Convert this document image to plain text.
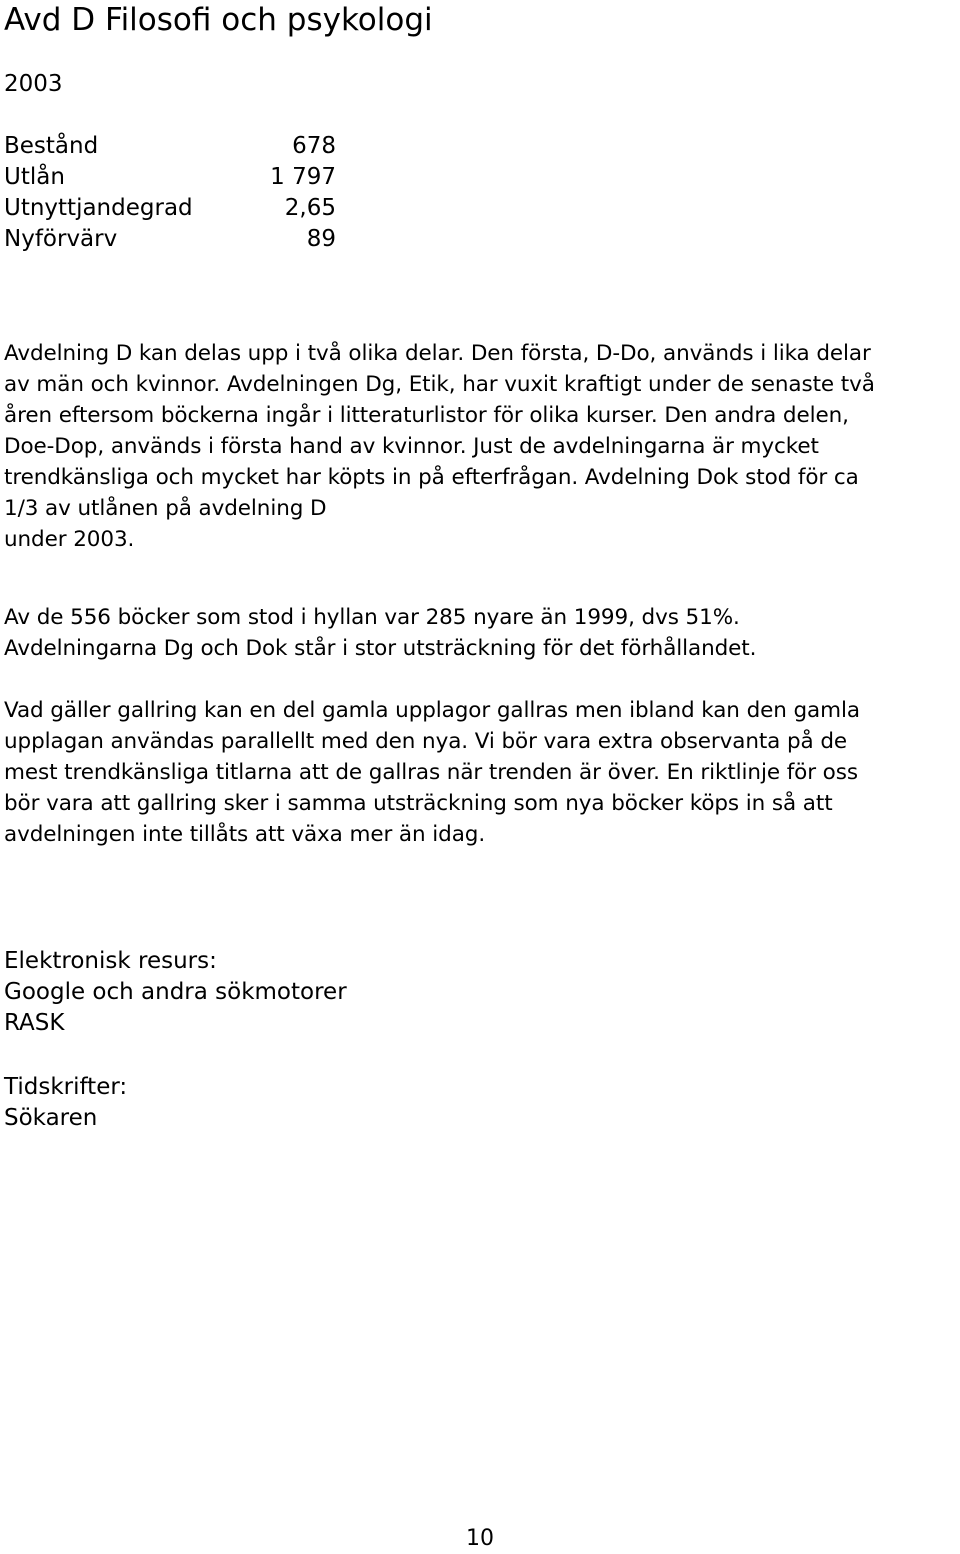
Avd D Filosofi och psykologi
2003
Bestånd	678
Utlån	1 797
Utnyttjandegrad	2,65
Nyförvärv	89

Avdelning D kan delas upp i två olika delar. Den första, D-Do, används i lika delar
av män och kvinnor. Avdelningen Dg, Etik, har vuxit kraftigt under de senaste två
åren eftersom böckerna ingår i litteraturlistor för olika kurser. Den andra delen,
Doe-Dop, används i första hand av kvinnor. Just de avdelningarna är mycket
trendkänsliga och mycket har köpts in på efterfrågan. Avdelning Dok stod för ca
1/3 av utlånen på avdelning D
under 2003.

Av de 556 böcker som stod i hyllan var 285 nyare än 1999, dvs 51%.
Avdelningarna Dg och Dok står i stor utsträckning för det förhållandet.

Vad gäller gallring kan en del gamla upplagor gallras men ibland kan den gamla
upplagan användas parallellt med den nya. Vi bör vara extra observanta på de
mest trendkänsliga titlarna att de gallras när trenden är över. En riktlinje för oss
bör vara att gallring sker i samma utsträckning som nya böcker köps in så att
avdelningen inte tillåts att växa mer än idag.

Elektronisk resurs:
Google och andra sökmotorer
RASK
Tidskrifter:
Sökaren
10
